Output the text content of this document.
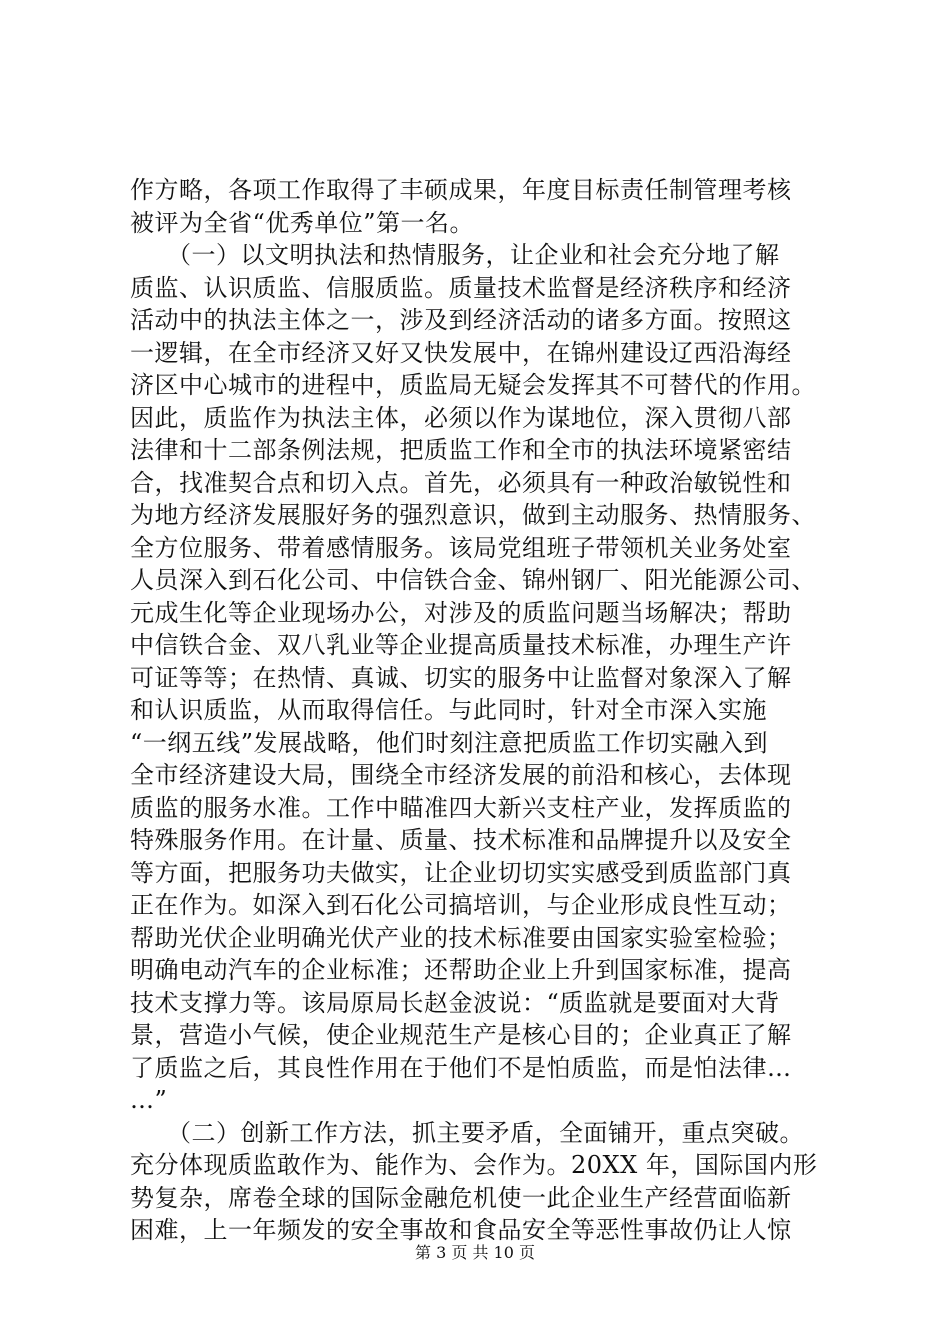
作方略，各项工作取得了丰硕成果，年度目标责任制管理考核
被评为全省“优秀单位”第一名。
　　（一）以文明执法和热情服务，让企业和社会充分地了解
质监、认识质监、信服质监。质量技术监督是经济秩序和经济
活动中的执法主体之一，涉及到经济活动的诸多方面。按照这
一逻辑，在全市经济又好又快发展中，在锦州建设辽西沿海经
济区中心城市的进程中，质监局无疑会发挥其不可替代的作用。
因此，质监作为执法主体，必须以作为谋地位，深入贯彻八部
法律和十二部条例法规，把质监工作和全市的执法环境紧密结
合，找准契合点和切入点。首先，必须具有一种政治敏锐性和
为地方经济发展服好务的强烈意识，做到主动服务、热情服务、
全方位服务、带着感情服务。该局党组班子带领机关业务处室
人员深入到石化公司、中信铁合金、锦州钢厂、阳光能源公司、
元成生化等企业现场办公，对涉及的质监问题当场解决；帮助
中信铁合金、双八乳业等企业提高质量技术标准，办理生产许
可证等等；在热情、真诚、切实的服务中让监督对象深入了解
和认识质监，从而取得信任。与此同时，针对全市深入实施
“一纲五线”发展战略，他们时刻注意把质监工作切实融入到
全市经济建设大局，围绕全市经济发展的前沿和核心，去体现
质监的服务水准。工作中瞄准四大新兴支柱产业，发挥质监的
特殊服务作用。在计量、质量、技术标准和品牌提升以及安全
等方面，把服务功夫做实，让企业切切实实感受到质监部门真
正在作为。如深入到石化公司搞培训，与企业形成良性互动；
帮助光伏企业明确光伏产业的技术标准要由国家实验室检验；
明确电动汽车的企业标准；还帮助企业上升到国家标准，提高
技术支撑力等。该局原局长赵金波说：“质监就是要面对大背
景，营造小气候，使企业规范生产是核心目的；企业真正了解
了质监之后，其良性作用在于他们不是怕质监，而是怕法律…
…”
　　（二）创新工作方法，抓主要矛盾，全面铺开，重点突破。
充分体现质监敢作为、能作为、会作为。20XX 年，国际国内形
势复杂，席卷全球的国际金融危机使一此企业生产经营面临新
困难，上一年频发的安全事故和食品安全等恶性事故仍让人惊
第 3 页 共 10 页
